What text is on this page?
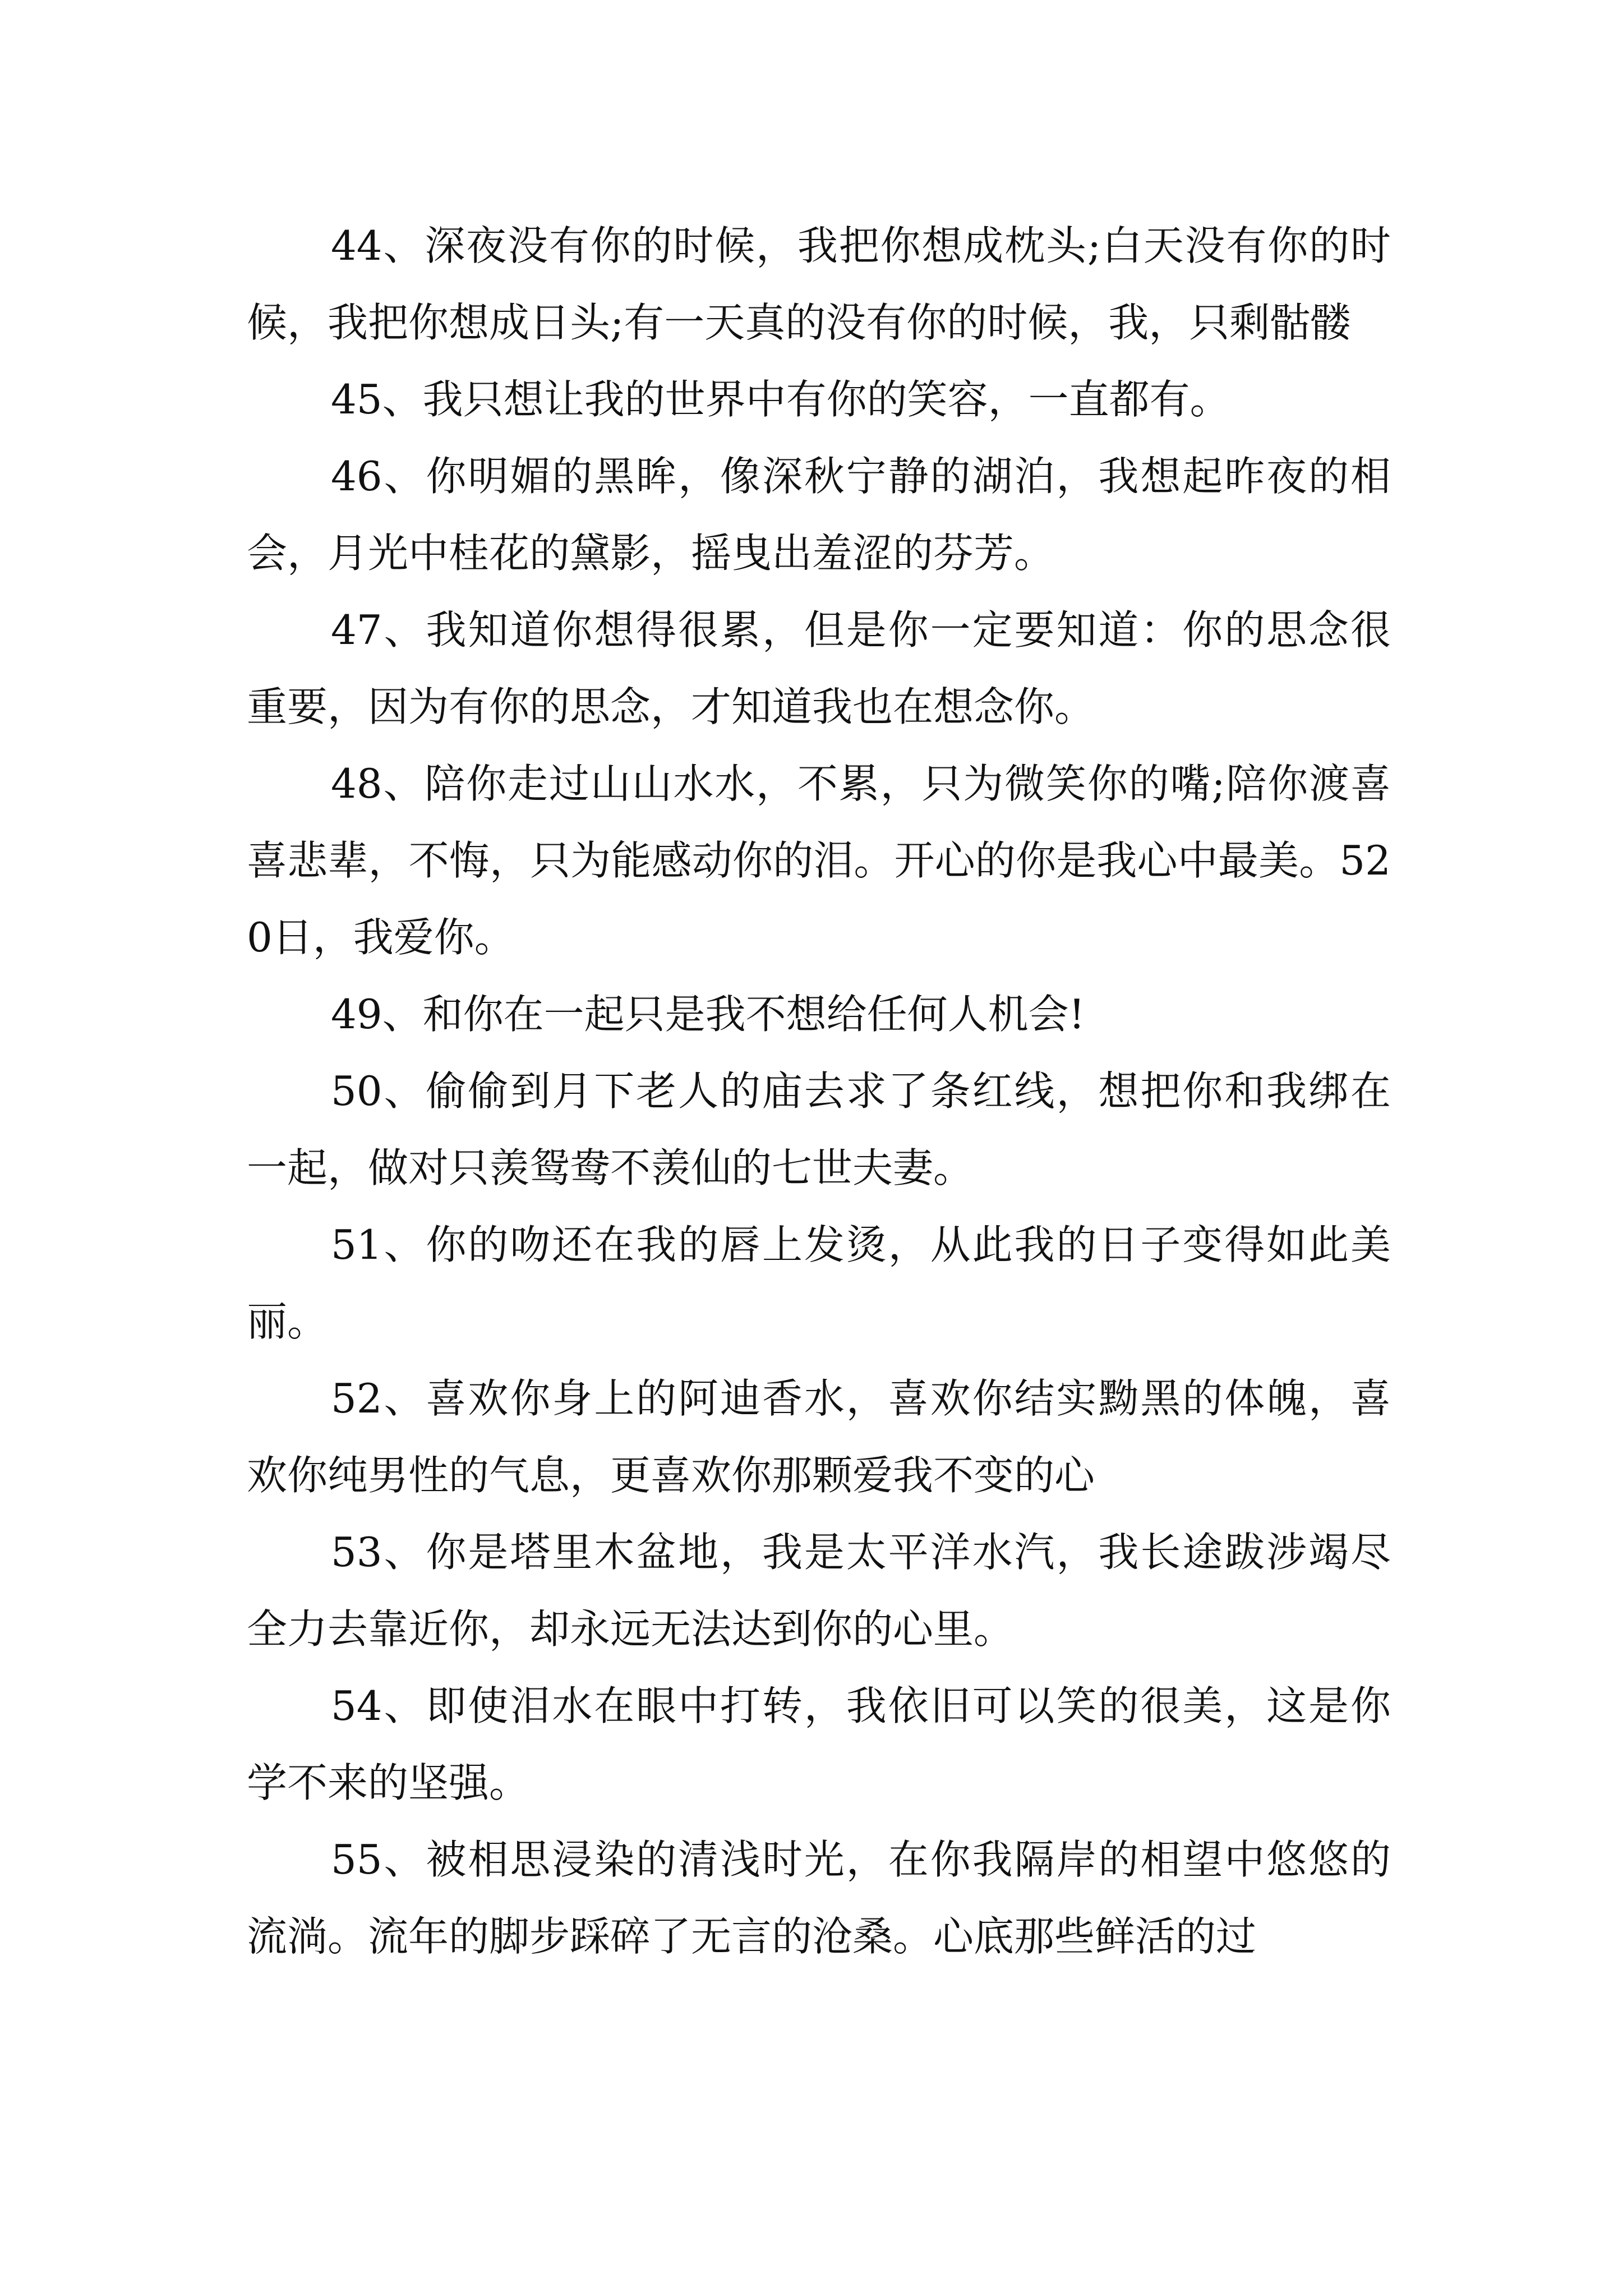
44、深夜没有你的时候，我把你想成枕头;白天没有你的时候，我把你想成日头;有一天真的没有你的时候，我，只剩骷髅

45、我只想让我的世界中有你的笑容，一直都有。

46、你明媚的黑眸，像深秋宁静的湖泊，我想起昨夜的相会，月光中桂花的黛影，摇曳出羞涩的芬芳。

47、我知道你想得很累，但是你一定要知道：你的思念很重要，因为有你的思念，才知道我也在想念你。

48、陪你走过山山水水，不累，只为微笑你的嘴;陪你渡喜喜悲辈，不悔，只为能感动你的泪。开心的你是我心中最美。520日，我爱你。

49、和你在一起只是我不想给任何人机会!

50、偷偷到月下老人的庙去求了条红线，想把你和我绑在一起，做对只羡鸳鸯不羡仙的七世夫妻。

51、你的吻还在我的唇上发烫，从此我的日子变得如此美丽。

52、喜欢你身上的阿迪香水，喜欢你结实黝黑的体魄，喜欢你纯男性的气息，更喜欢你那颗爱我不变的心

53、你是塔里木盆地，我是太平洋水汽，我长途跋涉竭尽全力去靠近你，却永远无法达到你的心里。

54、即使泪水在眼中打转，我依旧可以笑的很美，这是你学不来的坚强。

55、被相思浸染的清浅时光，在你我隔岸的相望中悠悠的流淌。流年的脚步踩碎了无言的沧桑。心底那些鲜活的过
